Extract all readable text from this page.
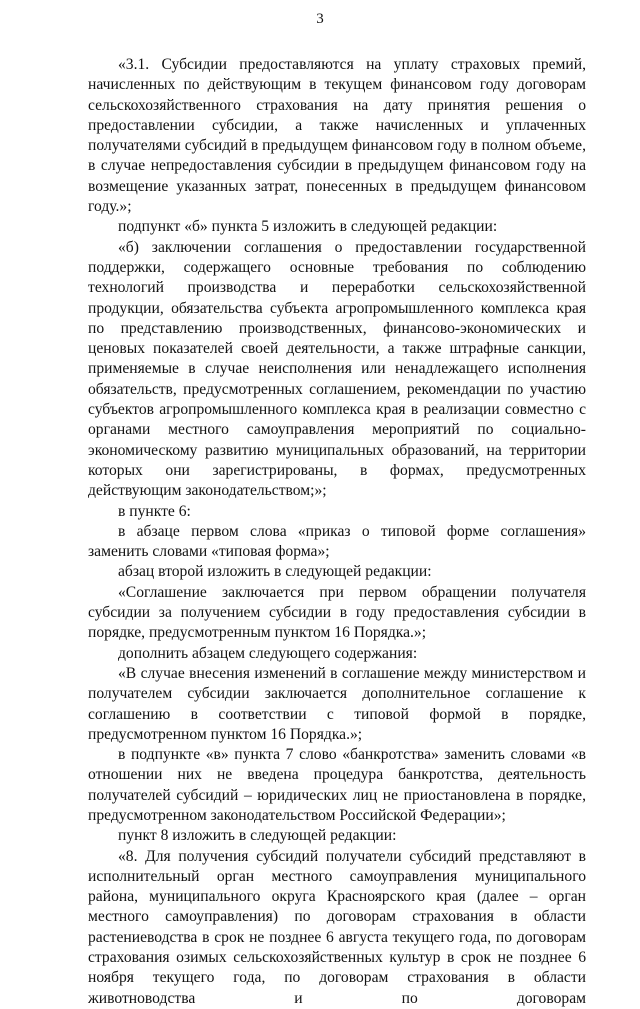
3

«3.1. Субсидии предоставляются на уплату страховых премий, начисленных по действующим в текущем финансовом году договорам сельскохозяйственного страхования на дату принятия решения о предоставлении субсидии, а также начисленных и уплаченных получателями субсидий в предыдущем финансовом году в полном объеме, в случае непредоставления субсидии в предыдущем финансовом году на возмещение указанных затрат, понесенных в предыдущем финансовом году.»;

подпункт «б» пункта 5 изложить в следующей редакции:

«б) заключении соглашения о предоставлении государственной поддержки, содержащего основные требования по соблюдению технологий производства и переработки сельскохозяйственной продукции, обязательства субъекта агропромышленного комплекса края по представлению производственных, финансово-экономических и ценовых показателей своей деятельности, а также штрафные санкции, применяемые в случае неисполнения или ненадлежащего исполнения обязательств, предусмотренных соглашением, рекомендации по участию субъектов агропромышленного комплекса края в реализации совместно с органами местного самоуправления мероприятий по социально-экономическому развитию муниципальных образований, на территории которых они зарегистрированы, в формах, предусмотренных действующим законодательством;»;

в пункте 6:

в абзаце первом слова «приказ о типовой форме соглашения» заменить словами «типовая форма»;

абзац второй изложить в следующей редакции:

«Соглашение заключается при первом обращении получателя субсидии за получением субсидии в году предоставления субсидии в порядке, предусмотренным пунктом 16 Порядка.»;

дополнить абзацем следующего содержания:

«В случае внесения изменений в соглашение между министерством и получателем субсидии заключается дополнительное соглашение к соглашению в соответствии с типовой формой в порядке, предусмотренном пунктом 16 Порядка.»;

в подпункте «в» пункта 7 слово «банкротства» заменить словами «в отношении них не введена процедура банкротства, деятельность получателей субсидий – юридических лиц не приостановлена в порядке, предусмотренном законодательством Российской Федерации»;

пункт 8 изложить в следующей редакции:

«8. Для получения субсидий получатели субсидий представляют в исполнительный орган местного самоуправления муниципального района, муниципального округа Красноярского края (далее – орган местного самоуправления) по договорам страхования в области растениеводства в срок не позднее 6 августа текущего года, по договорам страхования озимых сельскохозяйственных культур в срок не позднее 6 ноября текущего года, по договорам страхования в области животноводства и по договорам
